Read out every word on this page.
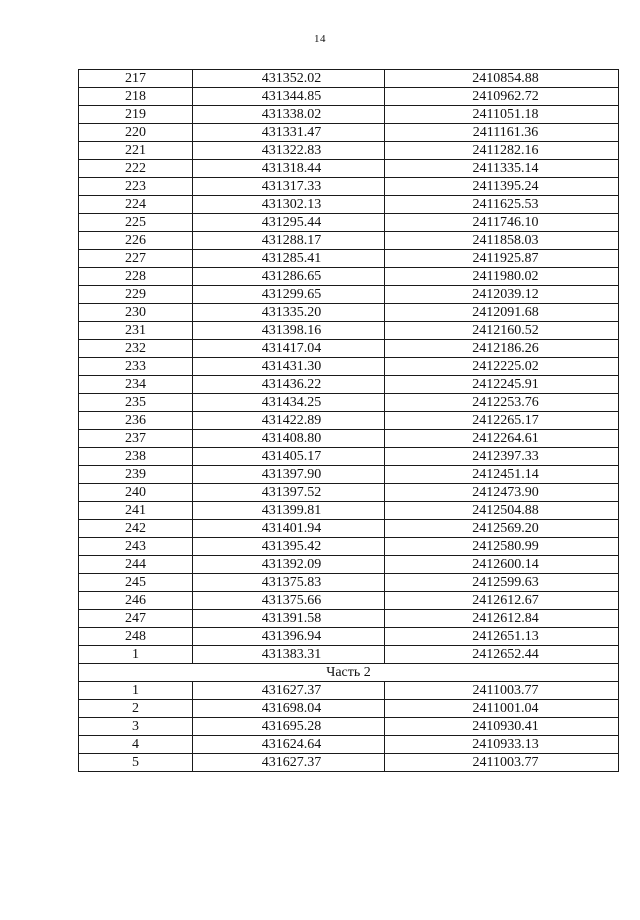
14
217	431352.02	2410854.88
218	431344.85	2410962.72
219	431338.02	2411051.18
220	431331.47	2411161.36
221	431322.83	2411282.16
222	431318.44	2411335.14
223	431317.33	2411395.24
224	431302.13	2411625.53
225	431295.44	2411746.10
226	431288.17	2411858.03
227	431285.41	2411925.87
228	431286.65	2411980.02
229	431299.65	2412039.12
230	431335.20	2412091.68
231	431398.16	2412160.52
232	431417.04	2412186.26
233	431431.30	2412225.02
234	431436.22	2412245.91
235	431434.25	2412253.76
236	431422.89	2412265.17
237	431408.80	2412264.61
238	431405.17	2412397.33
239	431397.90	2412451.14
240	431397.52	2412473.90
241	431399.81	2412504.88
242	431401.94	2412569.20
243	431395.42	2412580.99
244	431392.09	2412600.14
245	431375.83	2412599.63
246	431375.66	2412612.67
247	431391.58	2412612.84
248	431396.94	2412651.13
1	431383.31	2412652.44
Часть 2		
1	431627.37	2411003.77
2	431698.04	2411001.04
3	431695.28	2410930.41
4	431624.64	2410933.13
5	431627.37	2411003.77
